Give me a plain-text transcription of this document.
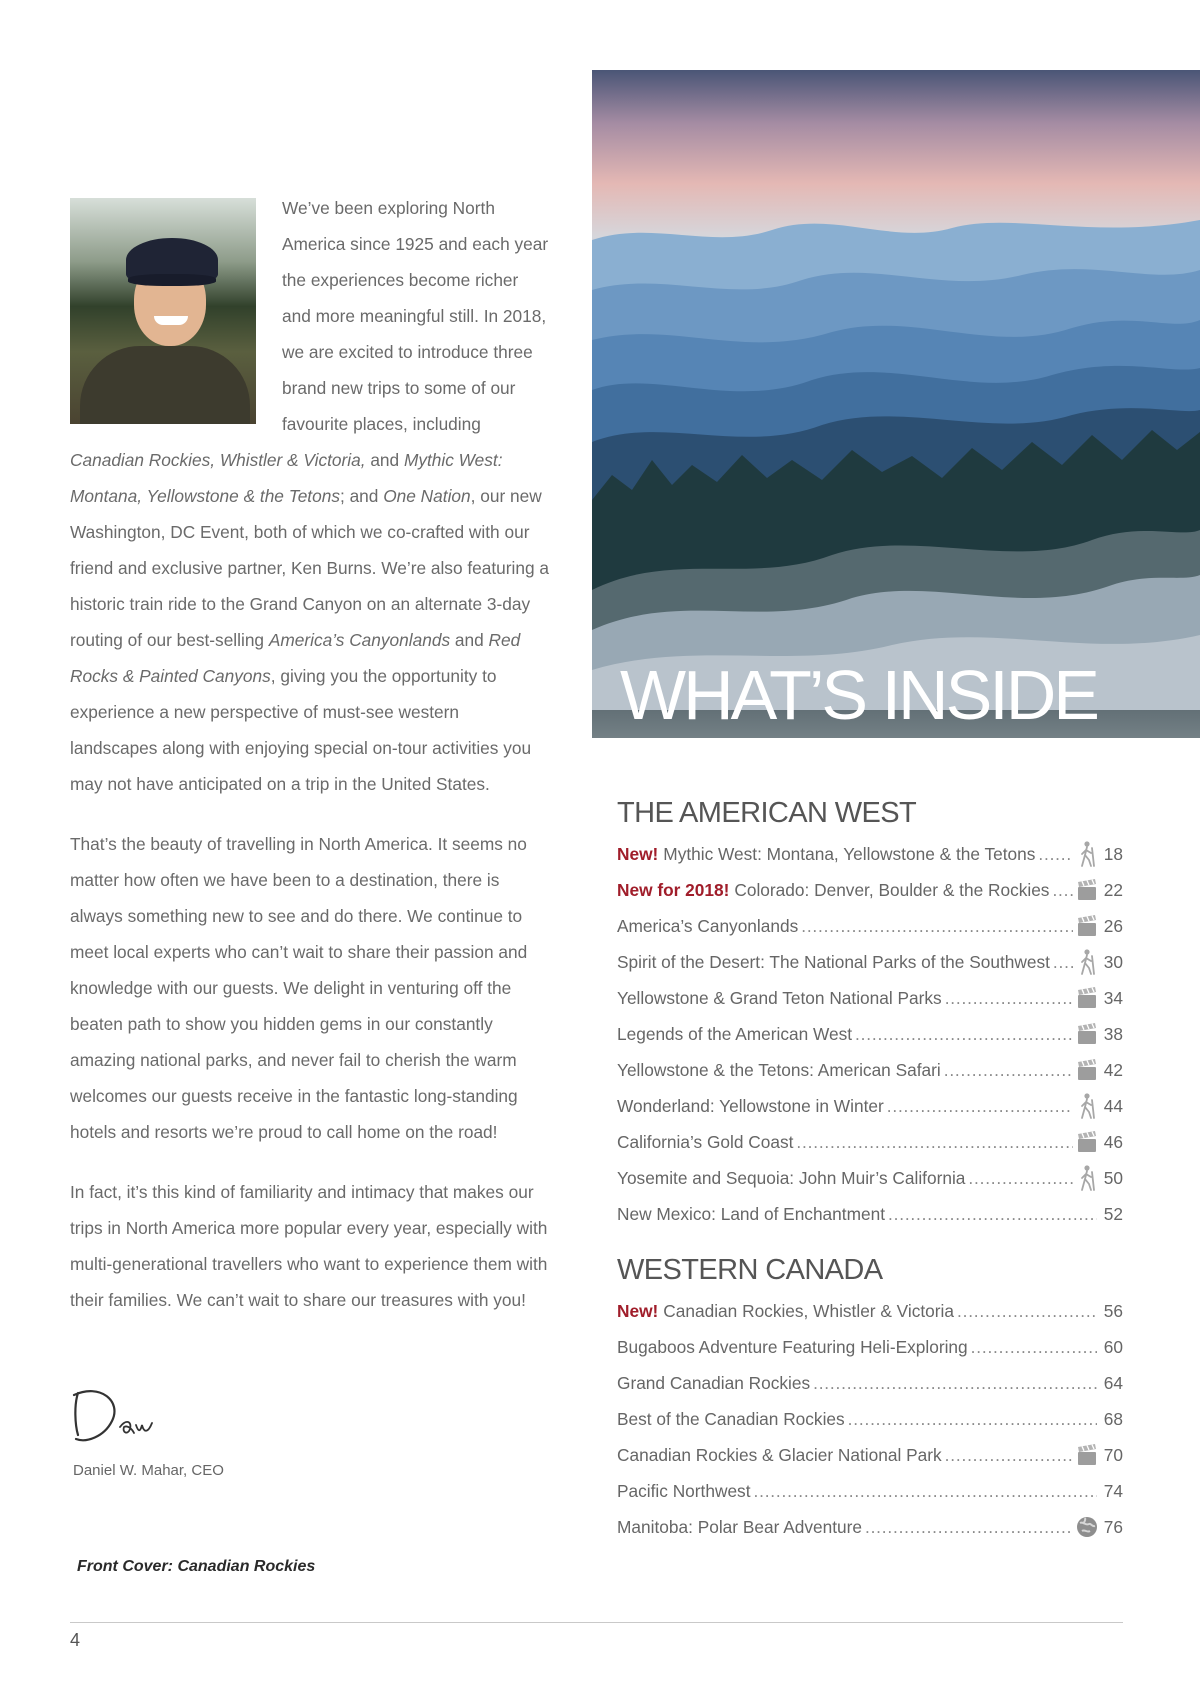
We’ve been exploring North America since 1925 and each year the experiences become richer and more meaningful still. In 2018, we are excited to introduce three brand new trips to some of our favourite places, including Canadian Rockies, Whistler & Victoria, and Mythic West: Montana, Yellowstone & the Tetons; and One Nation, our new Washington, DC Event, both of which we co-crafted with our friend and exclusive partner, Ken Burns. We’re also featuring a historic train ride to the Grand Canyon on an alternate 3-day routing of our best-selling America’s Canyonlands and Red Rocks & Painted Canyons, giving you the opportunity to experience a new perspective of must-see western landscapes along with enjoying special on-tour activities you may not have anticipated on a trip in the United States.

That’s the beauty of travelling in North America. It seems no matter how often we have been to a destination, there is always something new to see and do there. We continue to meet local experts who can’t wait to share their passion and knowledge with our guests. We delight in venturing off the beaten path to show you hidden gems in our constantly amazing national parks, and never fail to cherish the warm welcomes our guests receive in the fantastic long-standing hotels and resorts we’re proud to call home on the road!

In fact, it’s this kind of familiarity and intimacy that makes our trips in North America more popular every year, especially with multi-generational travellers who want to experience them with their families. We can’t wait to share our treasures with you!

Daniel W. Mahar, CEO
Front Cover: Canadian Rockies
WHAT’S INSIDE
THE AMERICAN WEST
New! Mythic West: Montana, Yellowstone & the Tetons .....	18
New for 2018! Colorado: Denver, Boulder & the Rockies .....	22
America’s Canyonlands .....	26
Spirit of the Desert: The National Parks of the Southwest .....	30
Yellowstone & Grand Teton National Parks .....	34
Legends of the American West .....	38
Yellowstone & the Tetons: American Safari .....	42
Wonderland: Yellowstone in Winter .....	44
California’s Gold Coast .....	46
Yosemite and Sequoia: John Muir’s California .....	50
New Mexico: Land of Enchantment .....	52
WESTERN CANADA
New! Canadian Rockies, Whistler & Victoria .....	56
Bugaboos Adventure Featuring Heli-Exploring .....	60
Grand Canadian Rockies .....	64
Best of the Canadian Rockies .....	68
Canadian Rockies & Glacier National Park .....	70
Pacific Northwest .....	74
Manitoba: Polar Bear Adventure .....	76
4
